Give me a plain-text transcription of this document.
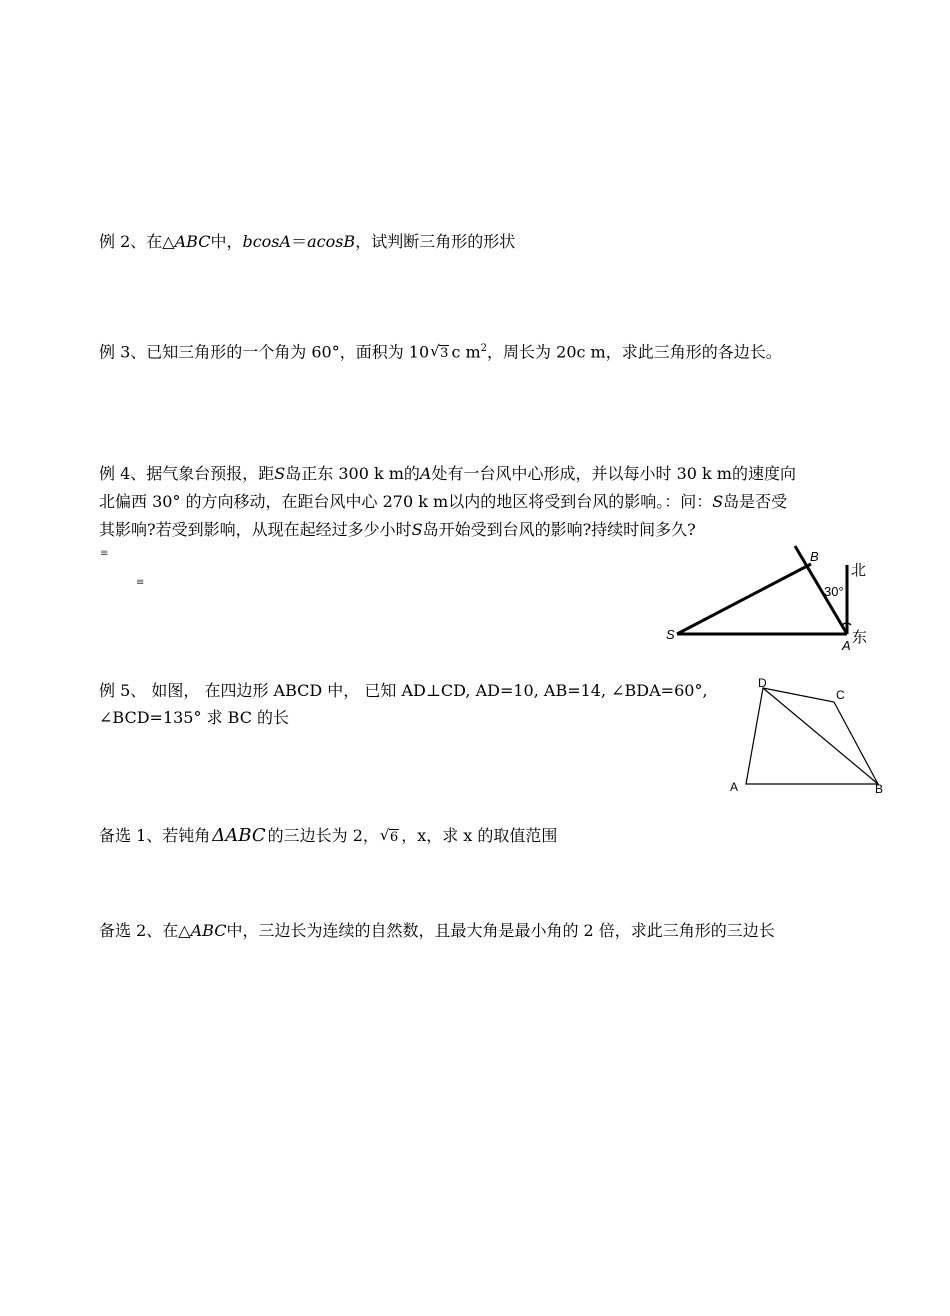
例 2、在△ABC中，bcosA＝acosB，试判断三角形的形状
例 3、已知三角形的一个角为 60°，面积为 10 √ 3 c $m^2$，周长为 20c m，求此三角形的各边长。
例 4、据气象台预报，距S岛正东 300 k m的A处有一台风中心形成，并以每小时 30 k m的速度向
北偏西 30° 的方向移动，在距台风中心 270 k m以内的地区将受到台风的影响。：问：S岛是否受
其影响?若受到影响，从现在起经过多少小时S岛开始受到台风的影响?持续时间多久?
≡
≡
B
S
A
北
东
30°
例 5、 如图， 在四边形 ABCD 中， 已知 AD⊥CD, AD=10, AB=14, ∠BDA=60°,
∠BCD=135° 求 BC 的长
D
C
A	B
备选 1、若钝角 ΔABC 的三边长为 2， √ 6 ，x，求 x 的取值范围
备选 2、在△ABC中，三边长为连续的自然数，且最大角是最小角的 2 倍，求此三角形的三边长
